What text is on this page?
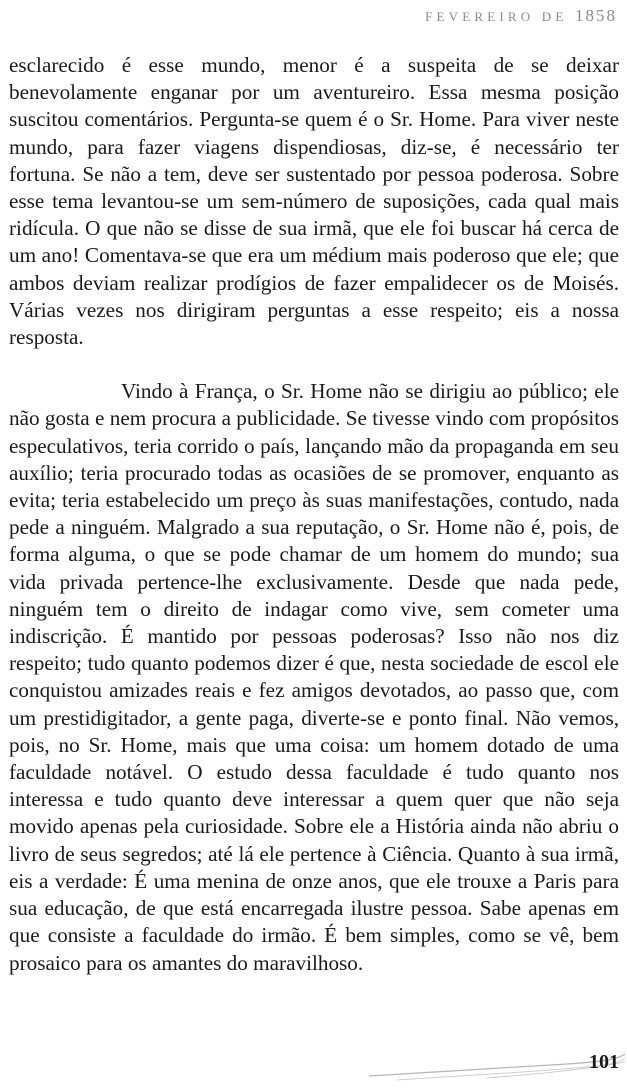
FEVEREIRO DE 1858

esclarecido é esse mundo, menor é a suspeita de se deixar benevolamente enganar por um aventureiro. Essa mesma posição suscitou comentários. Pergunta-se quem é o Sr. Home. Para viver neste mundo, para fazer viagens dispendiosas, diz-se, é necessário ter fortuna. Se não a tem, deve ser sustentado por pessoa poderosa. Sobre esse tema levantou-se um sem-número de suposições, cada qual mais ridícula. O que não se disse de sua irmã, que ele foi buscar há cerca de um ano! Comentava-se que era um médium mais poderoso que ele; que ambos deviam realizar prodígios de fazer empalidecer os de Moisés. Várias vezes nos dirigiram perguntas a esse respeito; eis a nossa resposta.

Vindo à França, o Sr. Home não se dirigiu ao público; ele não gosta e nem procura a publicidade. Se tivesse vindo com propósitos especulativos, teria corrido o país, lançando mão da propaganda em seu auxílio; teria procurado todas as ocasiões de se promover, enquanto as evita; teria estabelecido um preço às suas manifestações, contudo, nada pede a ninguém. Malgrado a sua reputação, o Sr. Home não é, pois, de forma alguma, o que se pode chamar de um homem do mundo; sua vida privada pertence-lhe exclusivamente. Desde que nada pede, ninguém tem o direito de indagar como vive, sem cometer uma indiscrição. É mantido por pessoas poderosas? Isso não nos diz respeito; tudo quanto podemos dizer é que, nesta sociedade de escol ele conquistou amizades reais e fez amigos devotados, ao passo que, com um prestidigitador, a gente paga, diverte-se e ponto final. Não vemos, pois, no Sr. Home, mais que uma coisa: um homem dotado de uma faculdade notável. O estudo dessa faculdade é tudo quanto nos interessa e tudo quanto deve interessar a quem quer que não seja movido apenas pela curiosidade. Sobre ele a História ainda não abriu o livro de seus segredos; até lá ele pertence à Ciência. Quanto à sua irmã, eis a verdade: É uma menina de onze anos, que ele trouxe a Paris para sua educação, de que está encarregada ilustre pessoa. Sabe apenas em que consiste a faculdade do irmão. É bem simples, como se vê, bem prosaico para os amantes do maravilhoso.

101
